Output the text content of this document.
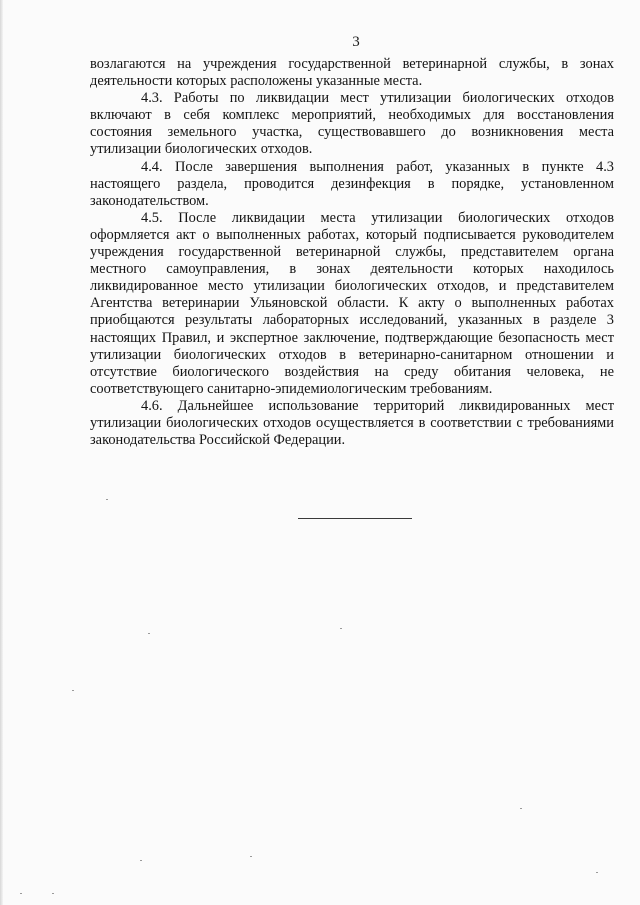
3

возлагаются на учреждения государственной ветеринарной службы, в зонах деятельности которых расположены указанные места.

4.3. Работы по ликвидации мест утилизации биологических отходов включают в себя комплекс мероприятий, необходимых для восстановления состояния земельного участка, существовавшего до возникновения места утилизации биологических отходов.

4.4. После завершения выполнения работ, указанных в пункте 4.3 настоящего раздела, проводится дезинфекция в порядке, установленном законодательством.

4.5. После ликвидации места утилизации биологических отходов оформляется акт о выполненных работах, который подписывается руководителем учреждения государственной ветеринарной службы, представителем органа местного самоуправления, в зонах деятельности которых находилось ликвидированное место утилизации биологических отходов, и представителем Агентства ветеринарии Ульяновской области. К акту о выполненных работах приобщаются результаты лабораторных исследований, указанных в разделе 3 настоящих Правил, и экспертное заключение, подтверждающие безопасность мест утилизации биологических отходов в ветеринарно-санитарном отношении и отсутствие биологического воздействия на среду обитания человека, не соответствующего санитарно-эпидемиологическим требованиям.

4.6. Дальнейшее использование территорий ликвидированных мест утилизации биологических отходов осуществляется в соответствии с требованиями законодательства Российской Федерации.
